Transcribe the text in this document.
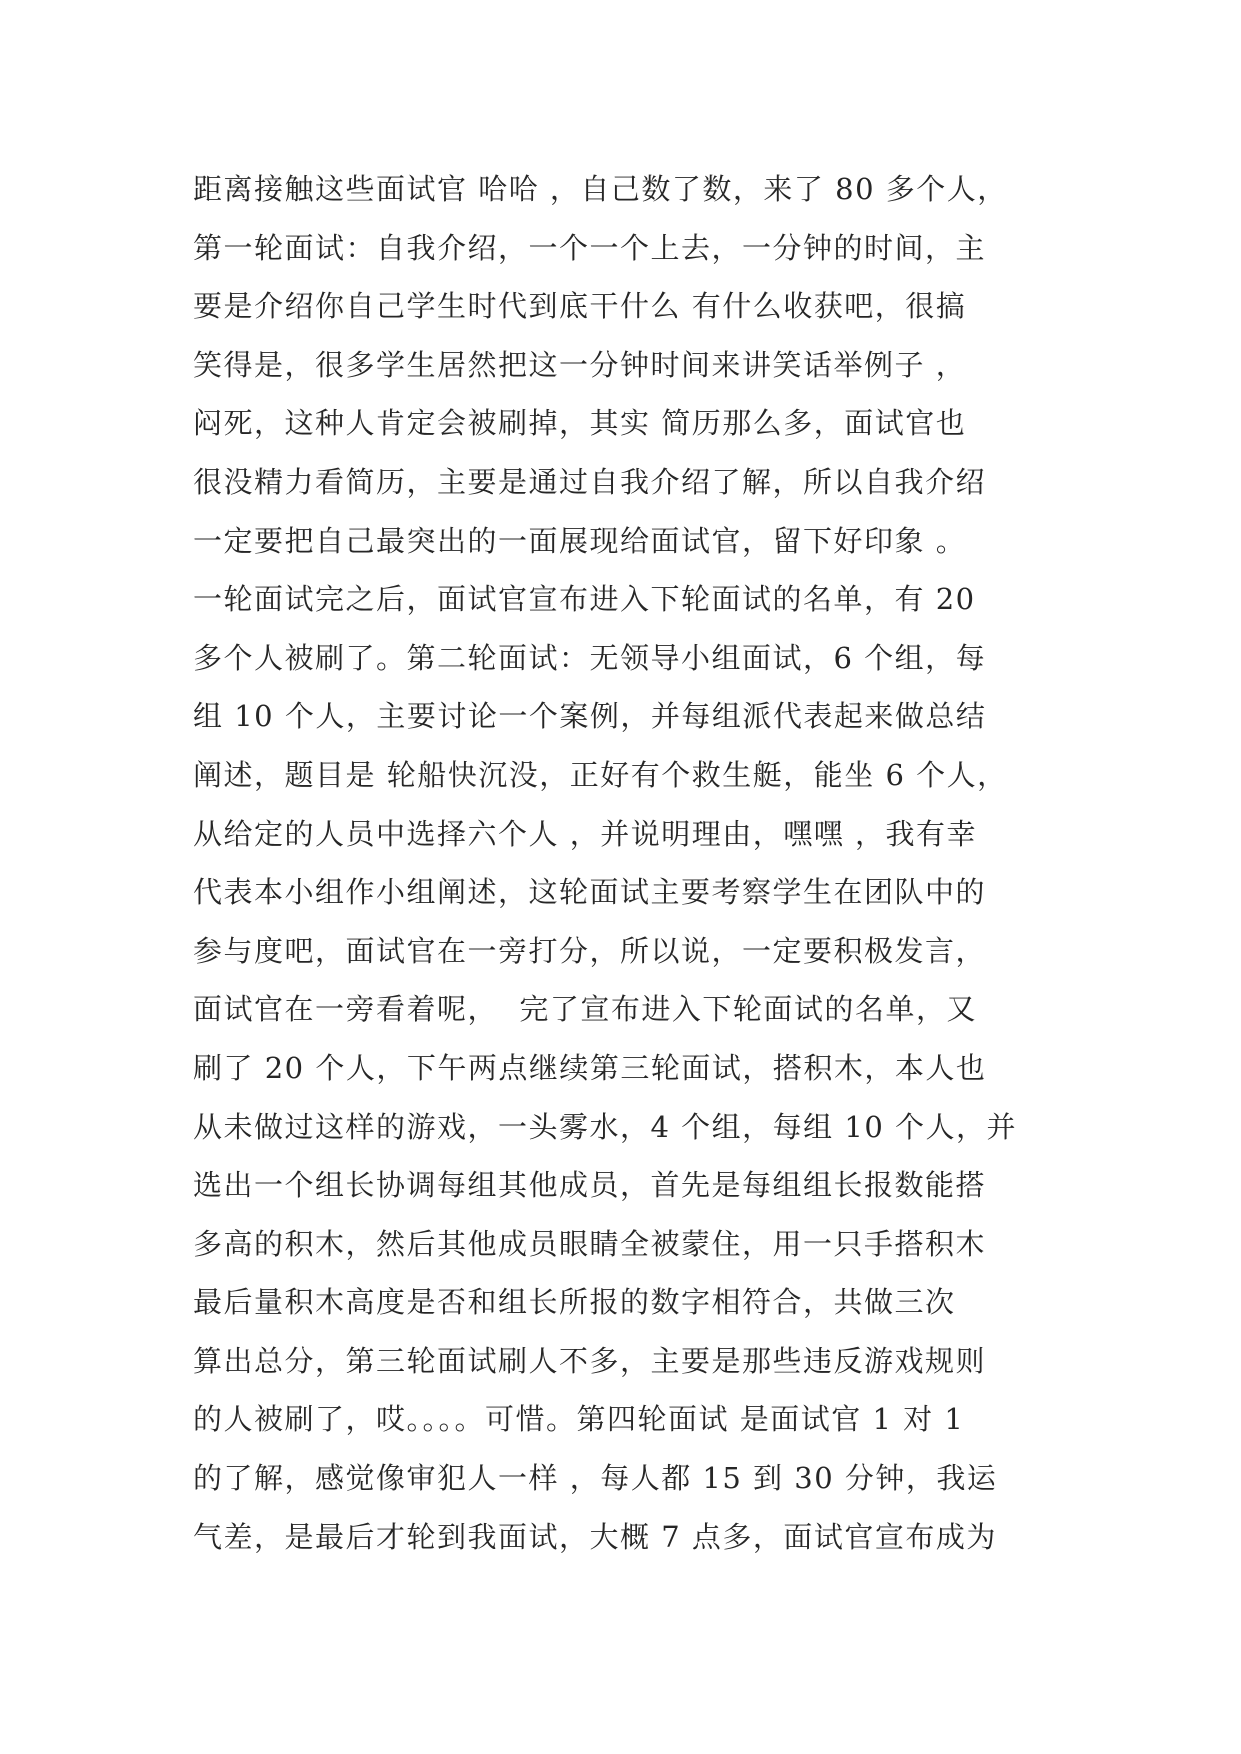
距离接触这些面试官 哈哈 ，自己数了数，来了 80 多个人，
第一轮面试：自我介绍，一个一个上去，一分钟的时间，主
要是介绍你自己学生时代到底干什么 有什么收获吧，很搞
笑得是，很多学生居然把这一分钟时间来讲笑话举例子 ，
闷死，这种人肯定会被刷掉，其实 简历那么多，面试官也
很没精力看简历，主要是通过自我介绍了解，所以自我介绍
一定要把自己最突出的一面展现给面试官，留下好印象 。
一轮面试完之后，面试官宣布进入下轮面试的名单，有 20
多个人被刷了。第二轮面试：无领导小组面试，6 个组，每
组 10 个人，主要讨论一个案例，并每组派代表起来做总结
阐述，题目是 轮船快沉没，正好有个救生艇，能坐 6 个人，
从给定的人员中选择六个人 ，并说明理由，嘿嘿 ，我有幸
代表本小组作小组阐述，这轮面试主要考察学生在团队中的
参与度吧，面试官在一旁打分，所以说，一定要积极发言，
面试官在一旁看着呢，  完了宣布进入下轮面试的名单，又
刷了 20 个人，下午两点继续第三轮面试，搭积木，本人也
从未做过这样的游戏，一头雾水，4 个组，每组 10 个人，并
选出一个组长协调每组其他成员，首先是每组组长报数能搭
多高的积木，然后其他成员眼睛全被蒙住，用一只手搭积木
最后量积木高度是否和组长所报的数字相符合，共做三次
算出总分，第三轮面试刷人不多，主要是那些违反游戏规则
的人被刷了，哎。。。。可惜。第四轮面试 是面试官 1 对 1
的了解，感觉像审犯人一样 ，每人都 15 到 30 分钟，我运
气差，是最后才轮到我面试，大概 7 点多，面试官宣布成为
